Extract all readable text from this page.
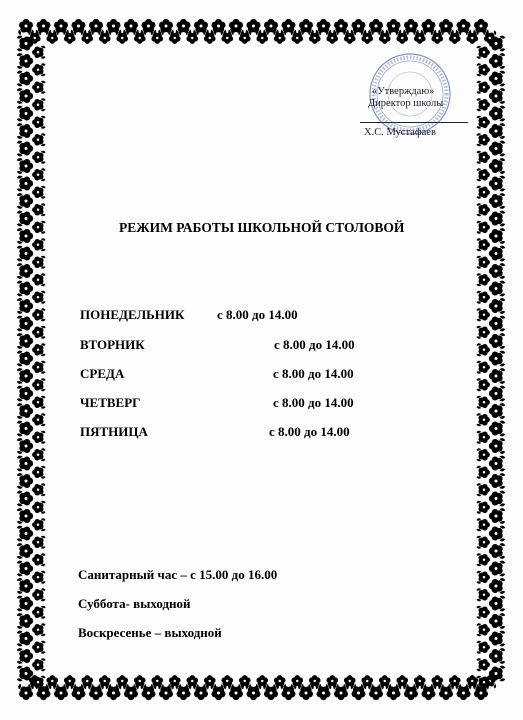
«Утверждаю»
Директор школы
Х.С. Мустафаев
РЕЖИМ РАБОТЫ ШКОЛЬНОЙ СТОЛОВОЙ
ПОНЕДЕЛЬНИК	с 8.00 до 14.00
ВТОРНИК	с 8.00 до 14.00
СРЕДА	с 8.00 до 14.00
ЧЕТВЕРГ	с 8.00 до 14.00
ПЯТНИЦА	с 8.00 до 14.00
Санитарный час – с 15.00 до 16.00
Суббота- выходной
Воскресенье – выходной
